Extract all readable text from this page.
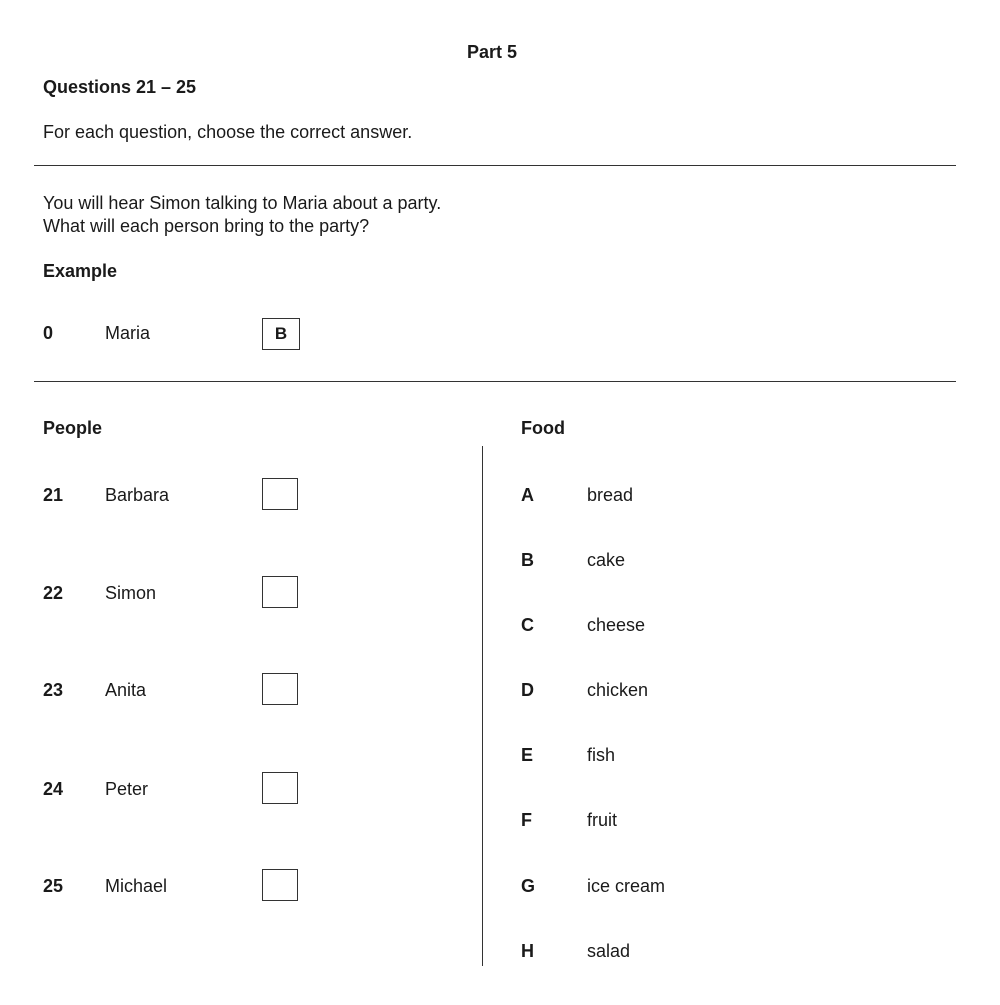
Part 5
Questions 21 – 25
For each question, choose the correct answer.
You will hear Simon talking to Maria about a party.
What will each person bring to the party?
Example
0	Maria	B
People	Food
21 Barbara
22 Simon
23 Anita
24 Peter
25 Michael
A	bread
B	cake
C	cheese
D	chicken
E	fish
F	fruit
G	ice cream
H	salad
